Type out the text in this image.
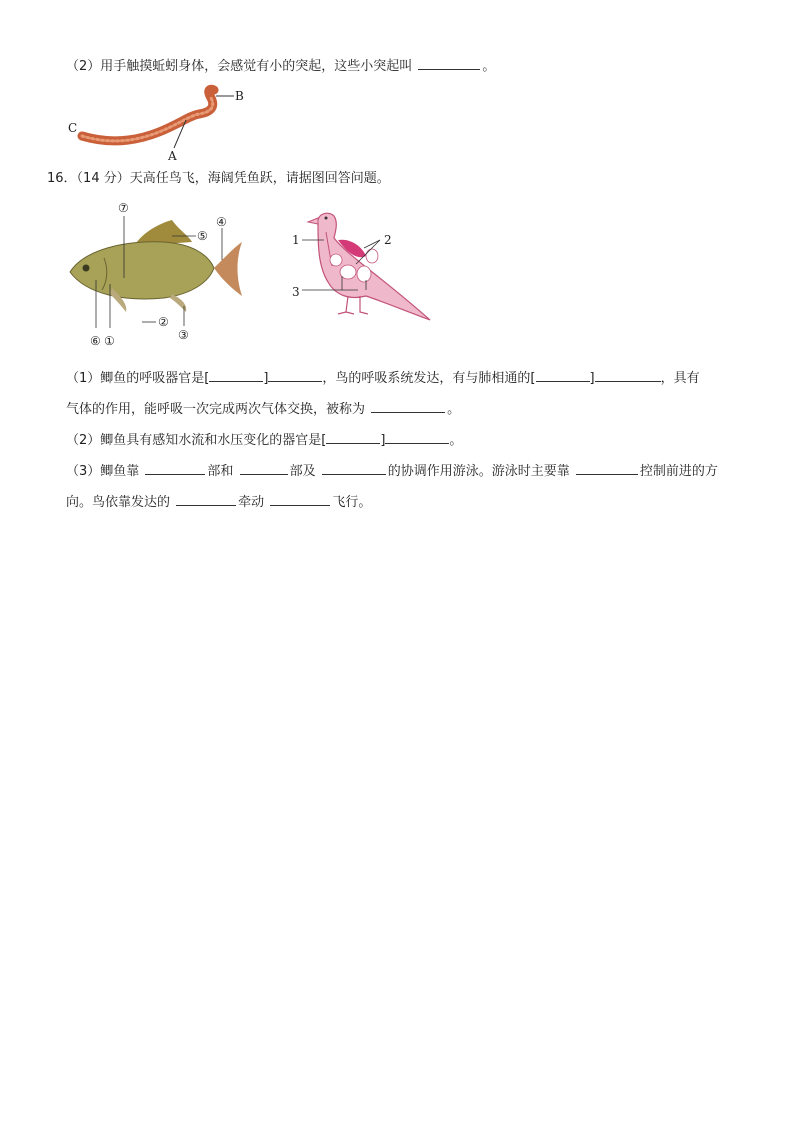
（2）用手触摸蚯蚓身体，会感觉有小的突起，这些小突起叫	。
B
A
C
16．（14 分）天高任鸟飞，海阔凭鱼跃，请据图回答问题。
⑦
⑤
④
②
③
⑥ ①
1	2
3
（1）鲫鱼的呼吸器官是[	]	，鸟的呼吸系统发达，有与肺相通的[	]	，具有
气体的作用，能呼吸一次完成两次气体交换，被称为	。
（2）鲫鱼具有感知水流和水压变化的器官是[	]	。
（3）鲫鱼靠	部和	部及	的协调作用游泳。游泳时主要靠	控制前进的方
向。鸟依靠发达的	牵动	飞行。
